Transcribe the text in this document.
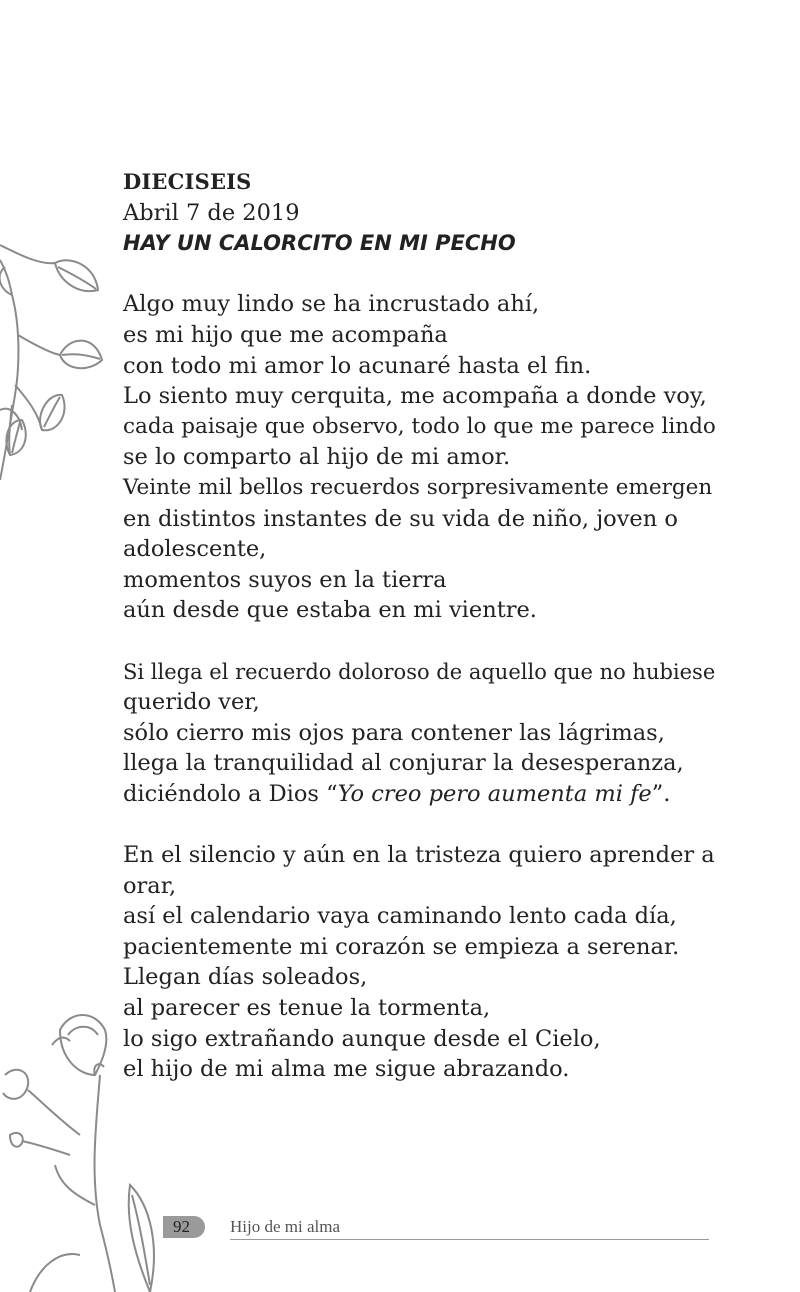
DIECISEIS
Abril 7 de 2019
HAY UN CALORCITO EN MI PECHO
Algo muy lindo se ha incrustado ahí,
es mi hijo que me acompaña
con todo mi amor lo acunaré hasta el fin.
Lo siento muy cerquita, me acompaña a donde voy,
cada paisaje que observo, todo lo que me parece lindo
se lo comparto al hijo de mi amor.
Veinte mil bellos recuerdos sorpresivamente emergen
en distintos instantes de su vida de niño, joven o
adolescente,
momentos suyos en la tierra
aún desde que estaba en mi vientre.
Si llega el recuerdo doloroso de aquello que no hubiese
querido ver,
sólo cierro mis ojos para contener las lágrimas,
llega la tranquilidad al conjurar la desesperanza,
diciéndolo a Dios “Yo creo pero aumenta mi fe”.
En el silencio y aún en la tristeza quiero aprender a
orar,
así el calendario vaya caminando lento cada día,
pacientemente mi corazón se empieza a serenar.
Llegan días soleados,
al parecer es tenue la tormenta,
lo sigo extrañando aunque desde el Cielo,
el hijo de mi alma me sigue abrazando.
92 Hijo de mi alma
